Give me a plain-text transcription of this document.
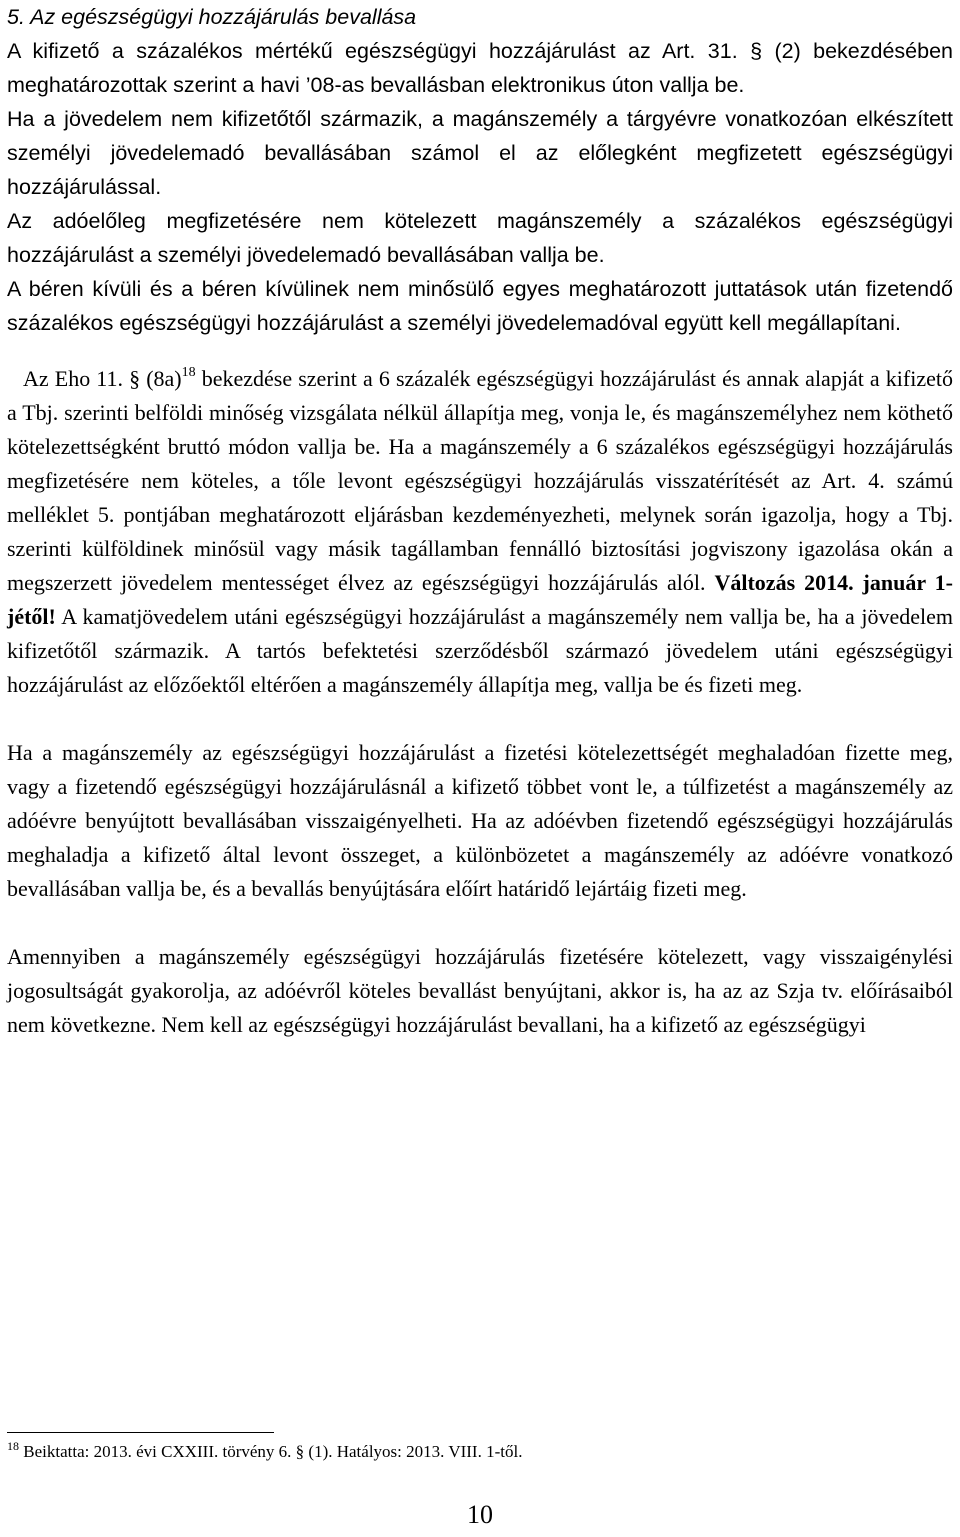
5. Az egészségügyi hozzájárulás bevallása

A kifizető a százalékos mértékű egészségügyi hozzájárulást az Art. 31. § (2) bekezdésében meghatározottak szerint a havi ’08-as bevallásban elektronikus úton vallja be.

Ha a jövedelem nem kifizetőtől származik, a magánszemély a tárgyévre vonatkozóan elkészített személyi jövedelemadó bevallásában számol el az előlegként megfizetett egészségügyi hozzájárulással.

Az adóelőleg megfizetésére nem kötelezett magánszemély a százalékos egészségügyi hozzájárulást a személyi jövedelemadó bevallásában vallja be.

A béren kívüli és a béren kívülinek nem minősülő egyes meghatározott juttatások után fizetendő százalékos egészségügyi hozzájárulást a személyi jövedelemadóval együtt kell megállapítani.

Az Eho 11. § $(8a)^{18}$ bekezdése szerint a 6 százalék egészségügyi hozzájárulást és annak alapját a kifizető a Tbj. szerinti belföldi minőség vizsgálata nélkül állapítja meg, vonja le, és magánszemélyhez nem köthető kötelezettségként bruttó módon vallja be. Ha a magánszemély a 6 százalékos egészségügyi hozzájárulás megfizetésére nem köteles, a tőle levont egészségügyi hozzájárulás visszatérítését az Art. 4. számú melléklet 5. pontjában meghatározott eljárásban kezdeményezheti, melynek során igazolja, hogy a Tbj. szerinti külföldinek minősül vagy másik tagállamban fennálló biztosítási jogviszony igazolása okán a megszerzett jövedelem mentességet élvez az egészségügyi hozzájárulás alól. Változás 2014. január 1-jétől! A kamatjövedelem utáni egészségügyi hozzájárulást a magánszemély nem vallja be, ha a jövedelem kifizetőtől származik. A tartós befektetési szerződésből származó jövedelem utáni egészségügyi hozzájárulást az előzőektől eltérően a magánszemély állapítja meg, vallja be és fizeti meg.

Ha a magánszemély az egészségügyi hozzájárulást a fizetési kötelezettségét meghaladóan fizette meg, vagy a fizetendő egészségügyi hozzájárulásnál a kifizető többet vont le, a túlfizetést a magánszemély az adóévre benyújtott bevallásában visszaigényelheti. Ha az adóévben fizetendő egészségügyi hozzájárulás meghaladja a kifizető által levont összeget, a különbözetet a magánszemély az adóévre vonatkozó bevallásában vallja be, és a bevallás benyújtására előírt határidő lejártáig fizeti meg.

Amennyiben a magánszemély egészségügyi hozzájárulás fizetésére kötelezett, vagy visszaigénylési jogosultságát gyakorolja, az adóévről köteles bevallást benyújtani, akkor is, ha az az Szja tv. előírásaiból nem következne. Nem kell az egészségügyi hozzájárulást bevallani, ha a kifizető az egészségügyi

$^{18}$ Beiktatta: 2013. évi CXXIII. törvény 6. § (1). Hatályos: 2013. VIII. 1-től.
10
